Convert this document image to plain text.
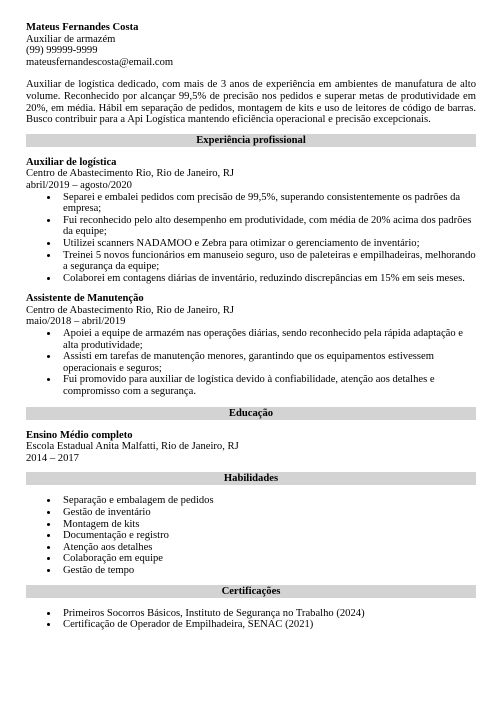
Mateus Fernandes Costa
Auxiliar de armazém
(99) 99999-9999
mateusfernandescosta@email.com
Auxiliar de logística dedicado, com mais de 3 anos de experiência em ambientes de manufatura de alto volume. Reconhecido por alcançar 99,5% de precisão nos pedidos e superar metas de produtividade em 20%, em média. Hábil em separação de pedidos, montagem de kits e uso de leitores de código de barras. Busco contribuir para a Api Logística mantendo eficiência operacional e precisão excepcionais.
Experiência profissional
Auxiliar de logística
Centro de Abastecimento Rio, Rio de Janeiro, RJ
abril/2019 – agosto/2020
• Separei e embalei pedidos com precisão de 99,5%, superando consistentemente os padrões da empresa;
• Fui reconhecido pelo alto desempenho em produtividade, com média de 20% acima dos padrões da equipe;
• Utilizei scanners NADAMOO e Zebra para otimizar o gerenciamento de inventário;
• Treinei 5 novos funcionários em manuseio seguro, uso de paleteiras e empilhadeiras, melhorando a segurança da equipe;
• Colaborei em contagens diárias de inventário, reduzindo discrepâncias em 15% em seis meses.
Assistente de Manutenção
Centro de Abastecimento Rio, Rio de Janeiro, RJ
maio/2018 – abril/2019
• Apoiei a equipe de armazém nas operações diárias, sendo reconhecido pela rápida adaptação e alta produtividade;
• Assisti em tarefas de manutenção menores, garantindo que os equipamentos estivessem operacionais e seguros;
• Fui promovido para auxiliar de logística devido à confiabilidade, atenção aos detalhes e compromisso com a segurança.
Educação
Ensino Médio completo
Escola Estadual Anita Malfatti, Rio de Janeiro, RJ
2014 – 2017
Habilidades
• Separação e embalagem de pedidos
• Gestão de inventário
• Montagem de kits
• Documentação e registro
• Atenção aos detalhes
• Colaboração em equipe
• Gestão de tempo
Certificações
• Primeiros Socorros Básicos, Instituto de Segurança no Trabalho (2024)
• Certificação de Operador de Empilhadeira, SENAC (2021)
